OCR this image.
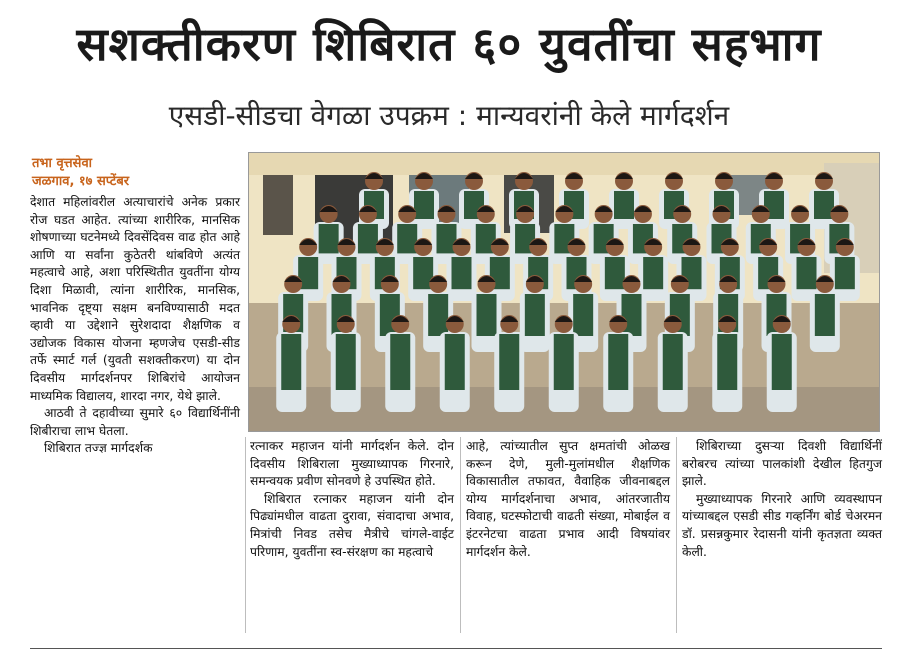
सशक्तीकरण शिबिरात ६० युवतींचा सहभाग
एसडी-सीडचा वेगळा उपक्रम : मान्यवरांनी केले मार्गदर्शन
तभा वृत्तसेवा
जळगाव, १७ सप्टेंबर

देशात महिलांवरील अत्याचारांचे अनेक प्रकार रोज घडत आहेत. त्यांच्या शारीरिक, मानसिक शोषणाच्या घटनेमध्ये दिवसेंदिवस वाढ होत आहे आणि या सर्वांना कुठेतरी थांबविणे अत्यंत महत्वाचे आहे, अशा परिस्थितीत युवतींना योग्य दिशा मिळावी, त्यांना शारीरिक, मानसिक, भावनिक दृष्ट्या सक्षम बनविण्यासाठी मदत व्हावी या उद्देशाने सुरेशदादा शैक्षणिक व उद्योजक विकास योजना म्हणजेच एसडी-सीड तर्फे स्मार्ट गर्ल (युवती सशक्तीकरण) या दोन दिवसीय मार्गदर्शनपर शिबिरांचे आयोजन माध्यमिक विद्यालय, शारदा नगर, येथे झाले.

आठवी ते दहावीच्या सुमारे ६० विद्यार्थिनींनी शिबीराचा लाभ घेतला.

शिबिरात तज्ज्ञ मार्गदर्शक	रत्नाकर महाजन यांनी मार्गदर्शन केले. दोन दिवसीय शिबिराला मुख्याध्यापक गिरनारे, समन्वयक प्रवीण सोनवणे हे उपस्थित होते.

शिबिरात रत्नाकर महाजन यांनी दोन पिढ्यांमधील वाढता दुरावा, संवादाचा अभाव, मित्रांची निवड तसेच मैत्रीचे चांगले-वाईट परिणाम, युवतींना स्व-संरक्षण का महत्वाचे

आहे, त्यांच्यातील सुप्त क्षमतांची ओळख करून देणे, मुली-मुलांमधील शैक्षणिक विकासातील तफावत, वैवाहिक जीवनाबद्दल योग्य मार्गदर्शनाचा अभाव, आंतरजातीय विवाह, घटस्फोटाची वाढती संख्या, मोबाईल व इंटरनेटचा वाढता प्रभाव आदी विषयांवर मार्गदर्शन केले.

शिबिराच्या दुसऱ्या दिवशी विद्यार्थिनीं बरोबरच त्यांच्या पालकांशी देखील हितगुज झाले.

मुख्याध्यापक गिरनारे आणि व्यवस्थापन यांच्याबद्दल एसडी सीड गव्हर्निंग बोर्ड चेअरमन डॉ. प्रसन्नकुमार रेदासनी यांनी कृतज्ञता व्यक्त केली.
